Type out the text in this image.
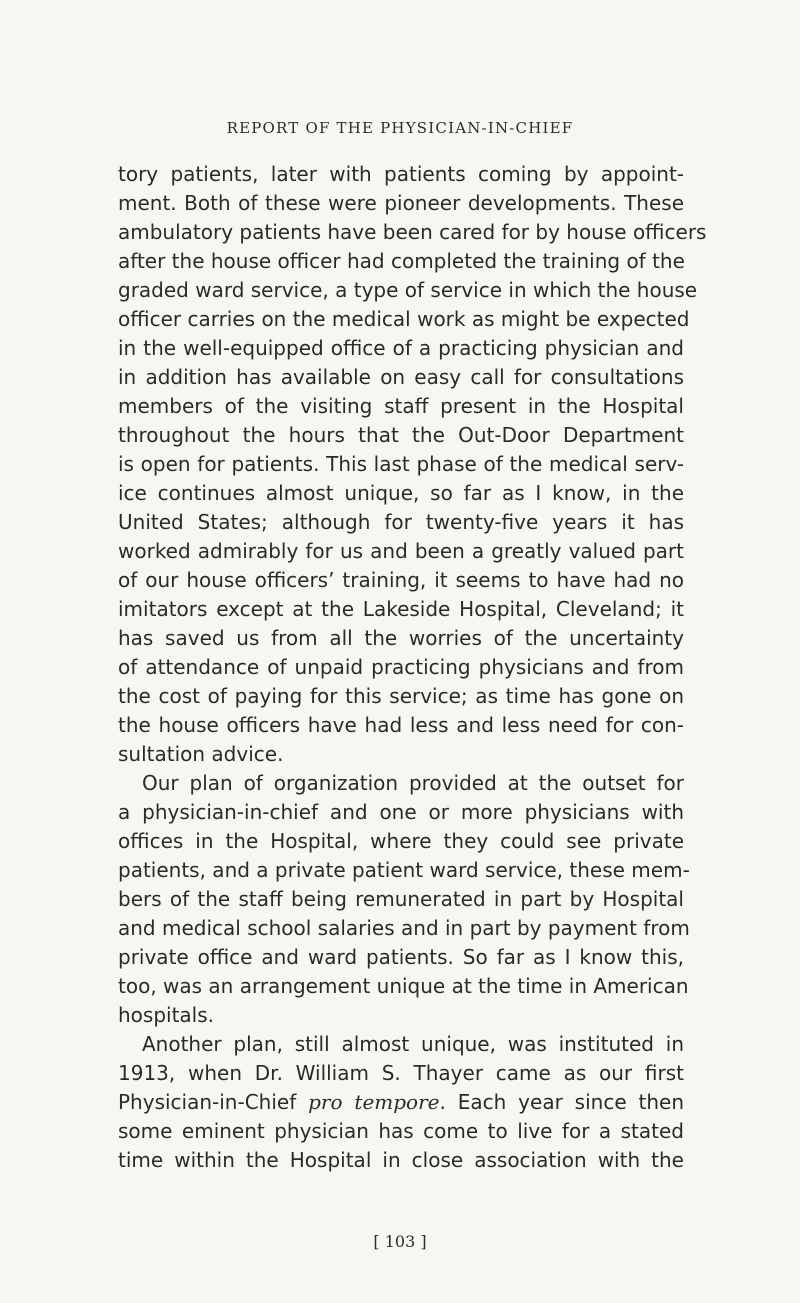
REPORT OF THE PHYSICIAN-IN-CHIEF
tory patients, later with patients coming by appoint-
ment. Both of these were pioneer developments. These
ambulatory patients have been cared for by house officers
after the house officer had completed the training of the
graded ward service, a type of service in which the house
officer carries on the medical work as might be expected
in the well-equipped office of a practicing physician and
in addition has available on easy call for consultations
members of the visiting staff present in the Hospital
throughout the hours that the Out-Door Department
is open for patients. This last phase of the medical serv-
ice continues almost unique, so far as I know, in the
United States; although for twenty-five years it has
worked admirably for us and been a greatly valued part
of our house officers’ training, it seems to have had no
imitators except at the Lakeside Hospital, Cleveland; it
has saved us from all the worries of the uncertainty
of attendance of unpaid practicing physicians and from
the cost of paying for this service; as time has gone on
the house officers have had less and less need for con-
sultation advice.
Our plan of organization provided at the outset for
a physician-in-chief and one or more physicians with
offices in the Hospital, where they could see private
patients, and a private patient ward service, these mem-
bers of the staff being remunerated in part by Hospital
and medical school salaries and in part by payment from
private office and ward patients. So far as I know this,
too, was an arrangement unique at the time in American
hospitals.
Another plan, still almost unique, was instituted in
1913, when Dr. William S. Thayer came as our first
Physician-in-Chief pro tempore. Each year since then
some eminent physician has come to live for a stated
time within the Hospital in close association with the
[ 103 ]
